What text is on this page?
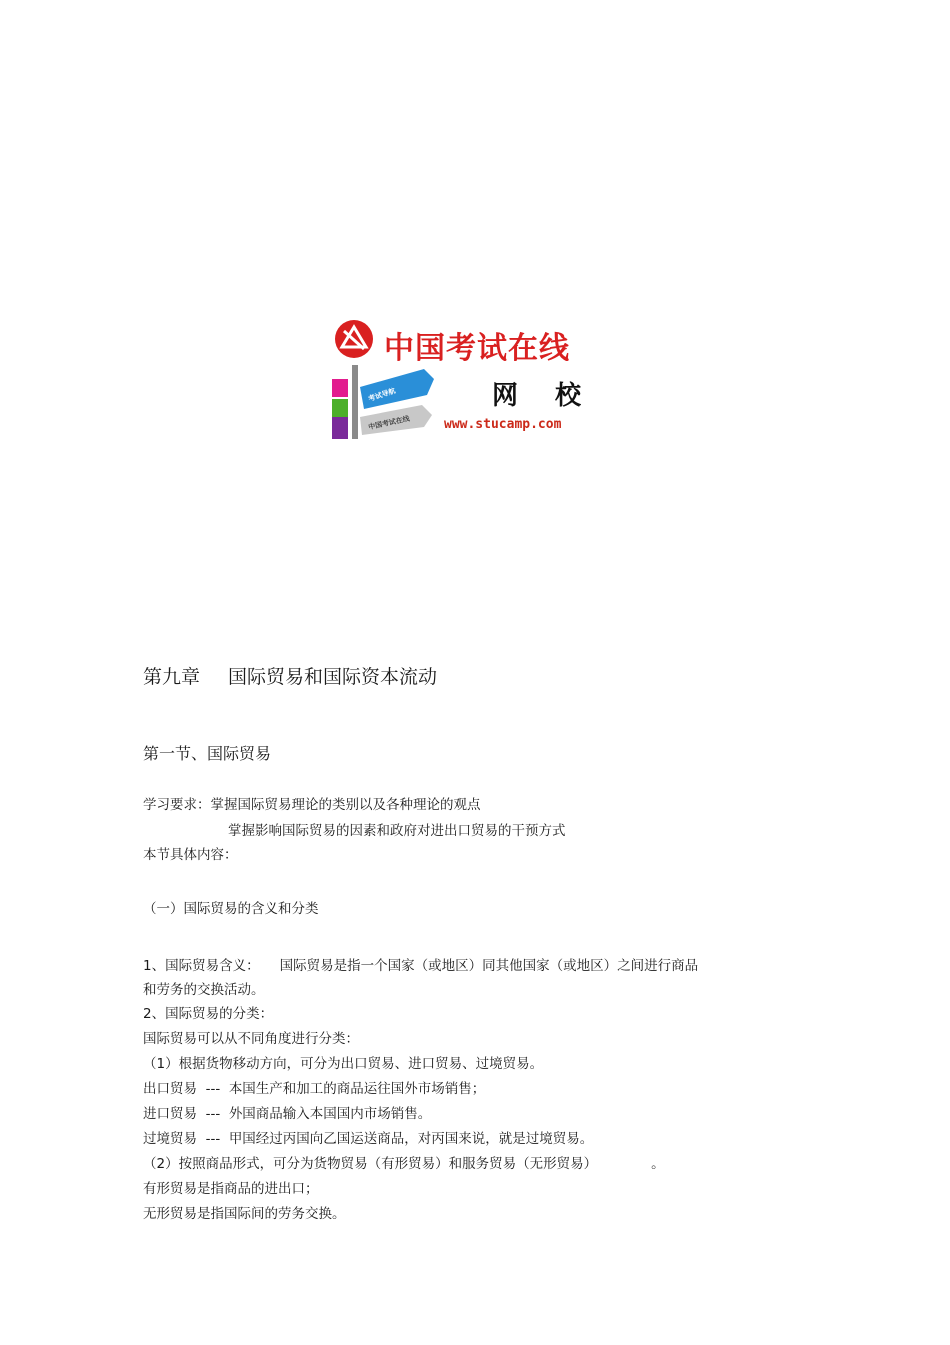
中国考试在线
网 校
www.stucamp.com
考试导航
中国考试在线
第九章 国际贸易和国际资本流动
第一节、国际贸易
学习要求：掌握国际贸易理论的类别以及各种理论的观点
掌握影响国际贸易的因素和政府对进出口贸易的干预方式
本节具体内容：
（一）国际贸易的含义和分类
1、国际贸易含义： 国际贸易是指一个国家（或地区）同其他国家（或地区）之间进行商品
和劳务的交换活动。
2、国际贸易的分类：
国际贸易可以从不同角度进行分类：
（1）根据货物移动方向，可分为出口贸易、进口贸易、过境贸易。
出口贸易 --- 本国生产和加工的商品运往国外市场销售；
进口贸易 --- 外国商品输入本国国内市场销售。
过境贸易 --- 甲国经过丙国向乙国运送商品，对丙国来说，就是过境贸易。
（2）按照商品形式，可分为货物贸易（有形贸易）和服务贸易（无形贸易）	。
有形贸易是指商品的进出口；
无形贸易是指国际间的劳务交换。
